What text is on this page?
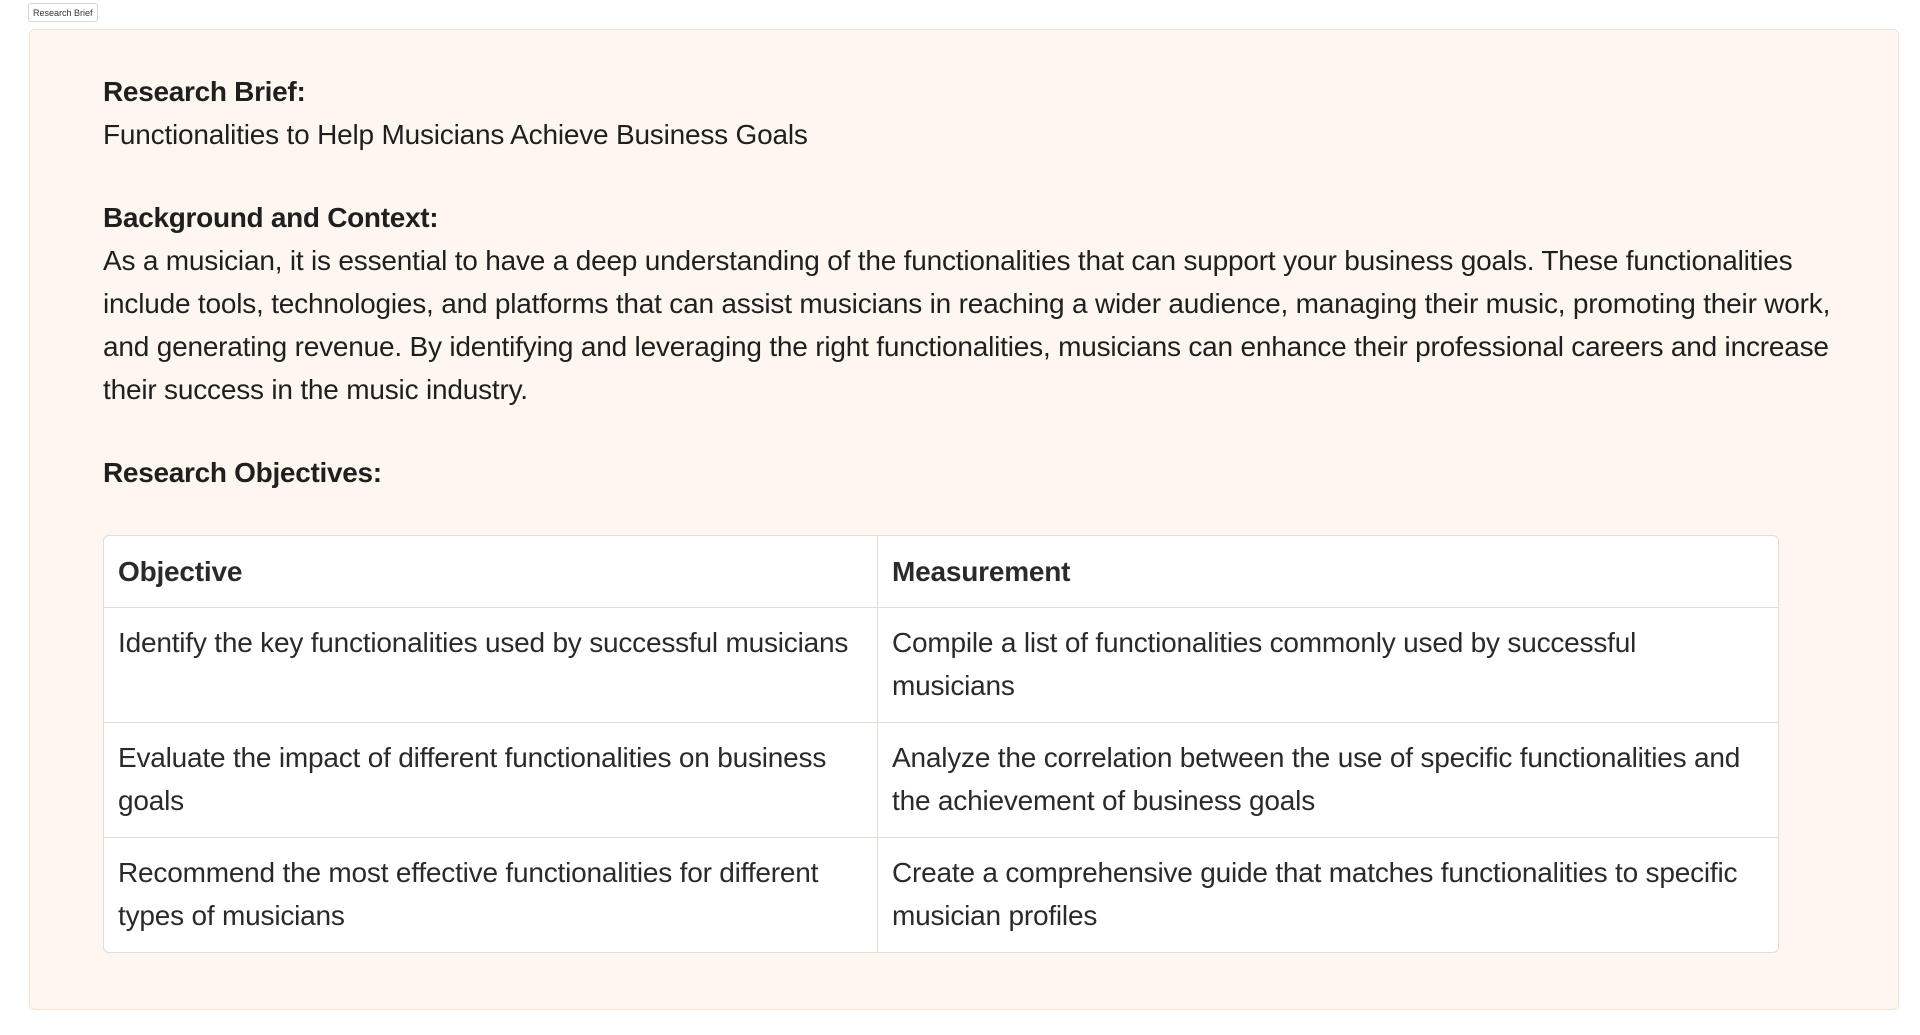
Research Brief

Research Brief:

Functionalities to Help Musicians Achieve Business Goals

Background and Context:

As a musician, it is essential to have a deep understanding of the functionalities that can support your business goals. These functionalities include tools, technologies, and platforms that can assist musicians in reaching a wider audience, managing their music, promoting their work, and generating revenue. By identifying and leveraging the right functionalities, musicians can enhance their professional careers and increase their success in the music industry.

Research Objectives:

Objective	Measurement
Identify the key functionalities used by successful musicians	Compile a list of functionalities commonly used by successful musicians
Evaluate the impact of different functionalities on business goals	Analyze the correlation between the use of specific functionalities and the achievement of business goals
Recommend the most effective functionalities for different types of musicians	Create a comprehensive guide that matches functionalities to specific musician profiles
